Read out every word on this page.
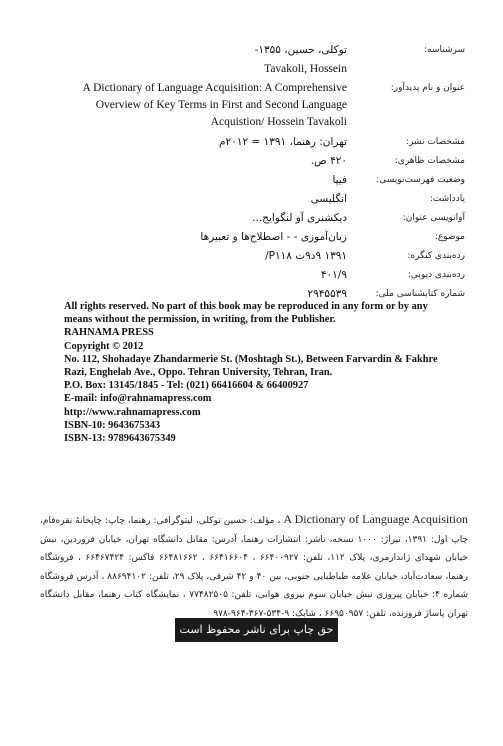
سرشناسه:
توکلی، حسین، ۱۳۵۵-
Tavakoli, Hossein
عنوان و نام پدیدآور:
A Dictionary of Language Acquisition: A Comprehensive Overview of Key Terms in First and Second Language Acquistion/ Hossein Tavakoli
مشخصات نشر:
تهران: رهنما، ۱۳۹۱ = ۲۰۱۲م
مشخصات ظاهری:
۴۲۰ ص.
وضعیت فهرست‌نویسی:
فیپا
یادداشت:
انگلیسی
آوانویسی عنوان:
دیکشنری آو لنگوایج...
موضوع:
زبان‌آموزی - - اصطلاح‌ها و تعبیرها
رده‌بندی کنگره:
۱۳۹۱ ۹د۹ت P۱۱۸/
رده‌بندی دیویی:
۴۰۱/۹
شماره کتابشناسی ملی:
۲۹۴۵۵۳۹
All rights reserved. No part of this book may be reproduced in any form or by any
means without the permission, in writing, from the Publisher.
RAHNAMA PRESS
Copyright © 2012
No. 112, Shohadaye Zhandarmerie St. (Moshtagh St.), Between Farvardin & Fakhre
Razi, Enghelab Ave., Oppo. Tehran University, Tehran, Iran.
P.O. Box: 13145/1845 - Tel: (021) 66416604 & 66400927
E-mail: info@rahnamapress.com
http://www.rahnamapress.com
ISBN-10: 9643675343
ISBN-13: 9789643675349
A Dictionary of Language Acquisition ، مؤلف: حسین توکلی، لیتوگرافی: رهنما، چاپ: چاپخانهٔ نقره‌فام، چاپ اول: ۱۳۹۱، تیراژ: ۱۰۰۰ نسخه، ناشر: انتشارات رهنما، آدرس: مقابل دانشگاه تهران، خیابان فروردین، نبش خیابان شهدای ژاندارمری، پلاک ۱۱۲، تلفن: ۶۶۴۰۰۹۲۷ ، ۶۶۴۱۶۶۰۴ ، ۶۶۴۸۱۶۶۲ فاکس: ۶۶۴۶۷۴۲۴ ، فروشگاه رهنما، سعادت‌آباد، خیابان علامه طباطبایی جنوبی، بین ۴۰ و ۴۲ شرقی، پلاک ۲۹، تلفن: ۸۸۶۹۴۱۰۲ ، آدرس فروشگاه شماره ۴: خیابان پیروزی نبش خیابان سوم نیروی هوایی، تلفن: ۷۷۴۸۲۵۰۵ ، نمایشگاه کتاب رهنما، مقابل دانشگاه تهران پاساژ فروزنده، تلفن: ۶۶۹۵۰۹۵۷ ، شابک: ۹-۵۳۴-۳۶۷-۹۶۴-۹۷۸
حق چاپ برای ناشر محفوظ است
